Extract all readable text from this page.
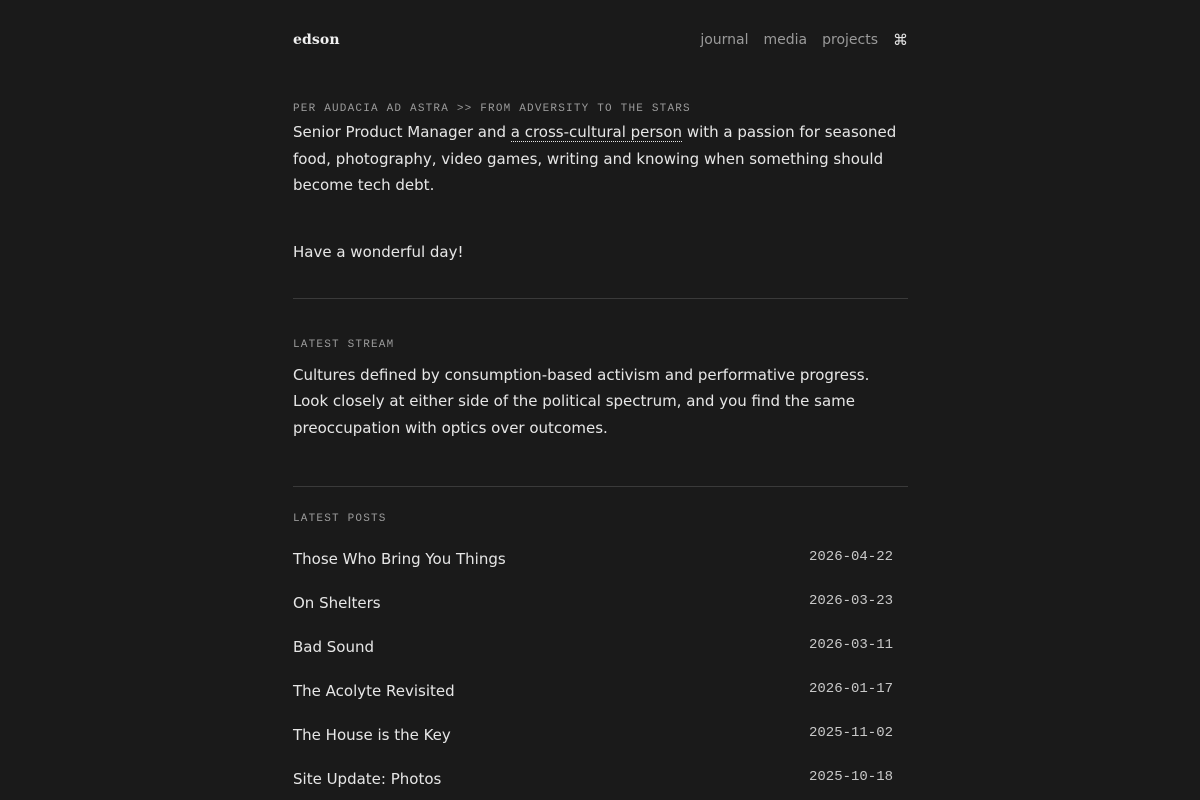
edson	journal media projects ⌘
PER AUDACIA AD ASTRA >> FROM ADVERSITY TO THE STARS

Senior Product Manager and a cross-cultural person with a passion for seasoned food, photography, video games, writing and knowing when something should become tech debt.

Have a wonderful day!

LATEST STREAM

Cultures defined by consumption-based activism and performative progress. Look closely at either side of the political spectrum, and you find the same preoccupation with optics over outcomes.

LATEST POSTS
Those Who Bring You Things	2026-04-22
On Shelters	2026-03-23
Bad Sound	2026-03-11
The Acolyte Revisited	2026-01-17
The House is the Key	2025-11-02
Site Update: Photos	2025-10-18
